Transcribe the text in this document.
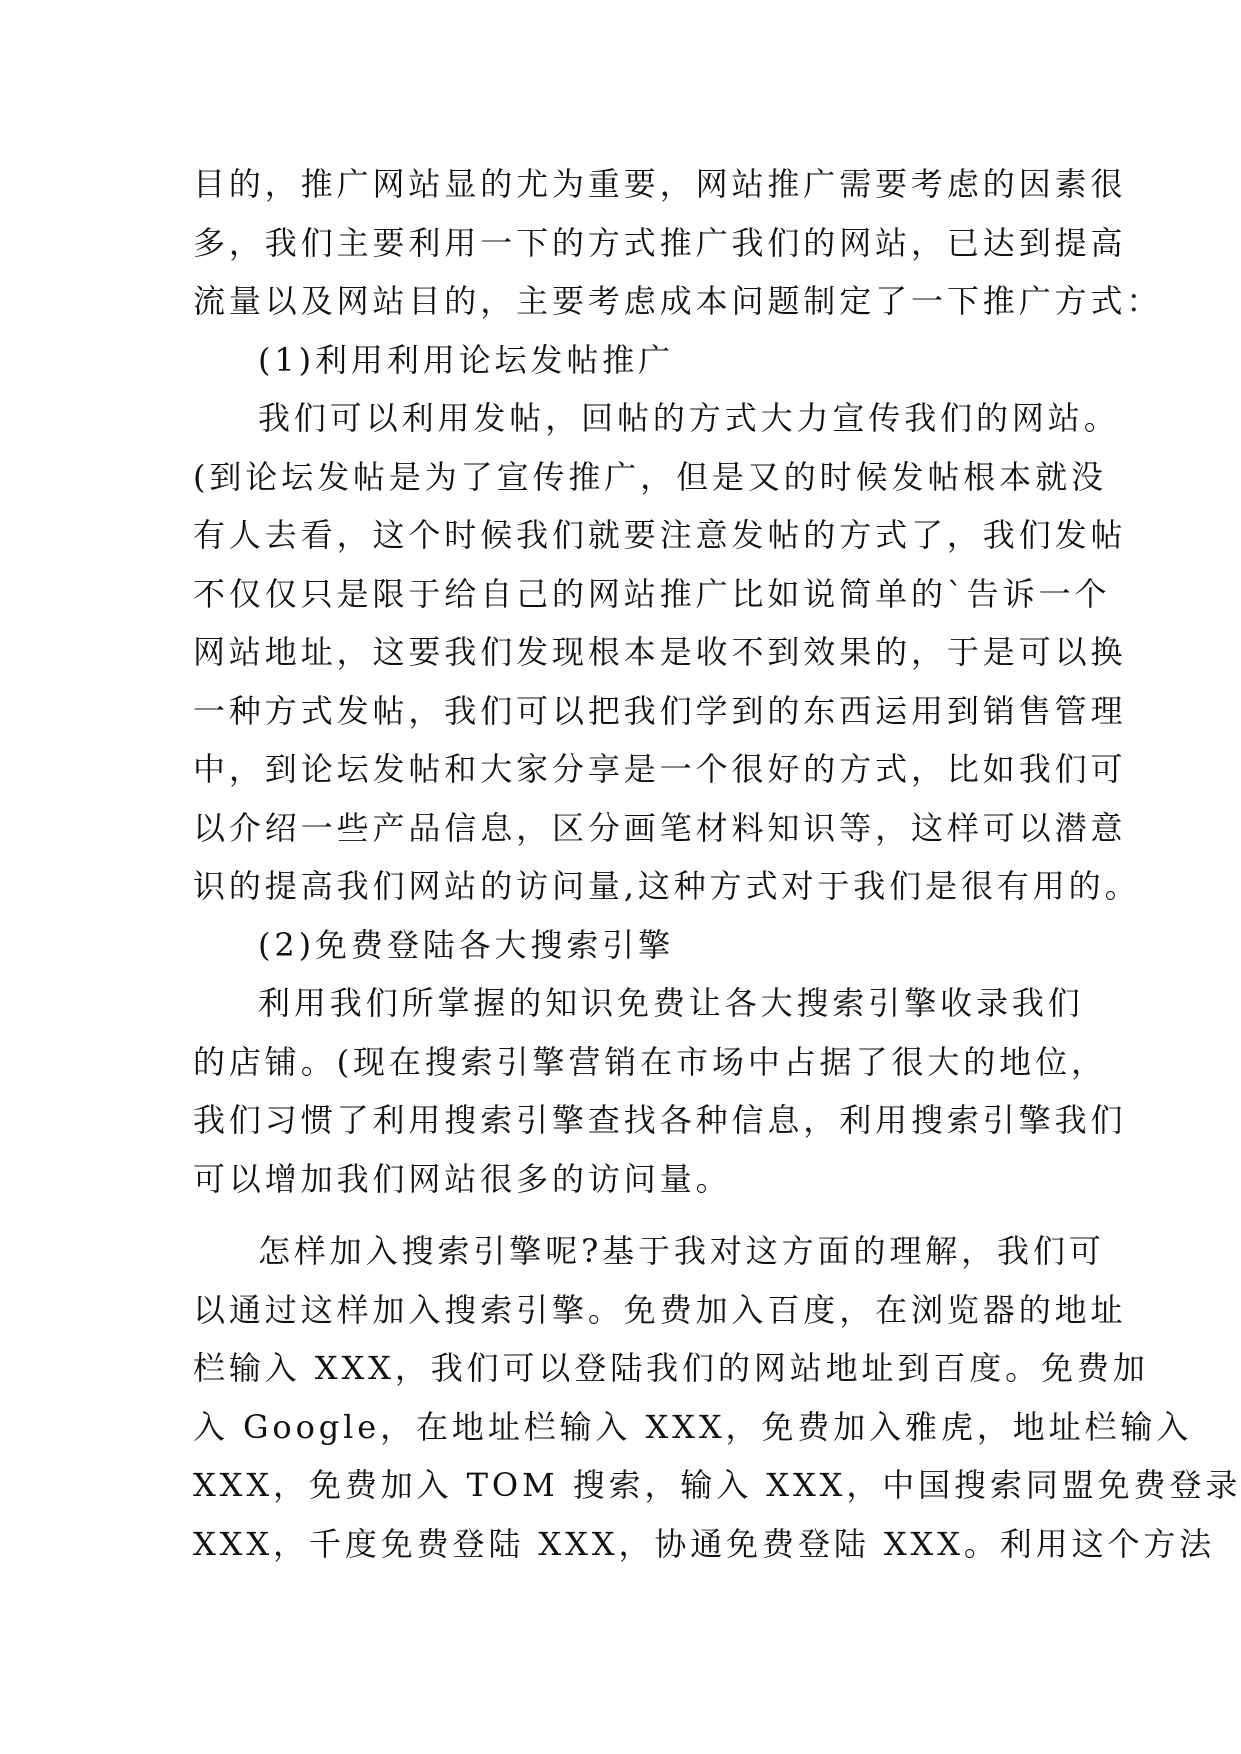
目的，推广网站显的尤为重要，网站推广需要考虑的因素很
多，我们主要利用一下的方式推广我们的网站，已达到提高
流量以及网站目的，主要考虑成本问题制定了一下推广方式：
(1)利用利用论坛发帖推广
我们可以利用发帖，回帖的方式大力宣传我们的网站。
(到论坛发帖是为了宣传推广，但是又的时候发帖根本就没
有人去看，这个时候我们就要注意发帖的方式了，我们发帖
不仅仅只是限于给自己的网站推广比如说简单的`告诉一个
网站地址，这要我们发现根本是收不到效果的，于是可以换
一种方式发帖，我们可以把我们学到的东西运用到销售管理
中，到论坛发帖和大家分享是一个很好的方式，比如我们可
以介绍一些产品信息，区分画笔材料知识等，这样可以潜意
识的提高我们网站的访问量,这种方式对于我们是很有用的。
(2)免费登陆各大搜索引擎
利用我们所掌握的知识免费让各大搜索引擎收录我们
的店铺。(现在搜索引擎营销在市场中占据了很大的地位，
我们习惯了利用搜索引擎查找各种信息，利用搜索引擎我们
可以增加我们网站很多的访问量。
怎样加入搜索引擎呢?基于我对这方面的理解，我们可
以通过这样加入搜索引擎。免费加入百度，在浏览器的地址
栏输入 XXX，我们可以登陆我们的网站地址到百度。免费加
入 Google，在地址栏输入 XXX，免费加入雅虎，地址栏输入
XXX，免费加入 TOM 搜索，输入 XXX，中国搜索同盟免费登录
XXX，千度免费登陆 XXX，协通免费登陆 XXX。利用这个方法
